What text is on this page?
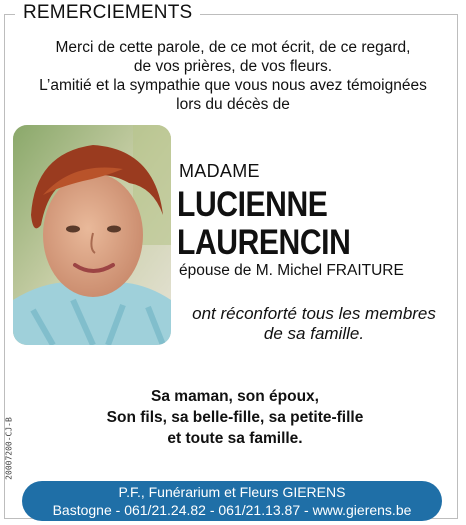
REMERCIEMENTS
Merci de cette parole, de ce mot écrit, de ce regard,
de vos prières, de vos fleurs.
L’amitié et la sympathie que vous nous avez témoignées
lors du décès de
MADAME
LUCIENNE
LAURENCIN
épouse de M. Michel FRAITURE
ont réconforté tous les membres
de sa famille.
Sa maman, son époux,
Son fils, sa belle-fille, sa petite-fille
et toute sa famille.
20007200-CJ-B
P.F., Funérarium et Fleurs GIERENS
Bastogne - 061/21.24.82 - 061/21.13.87 - www.gierens.be
